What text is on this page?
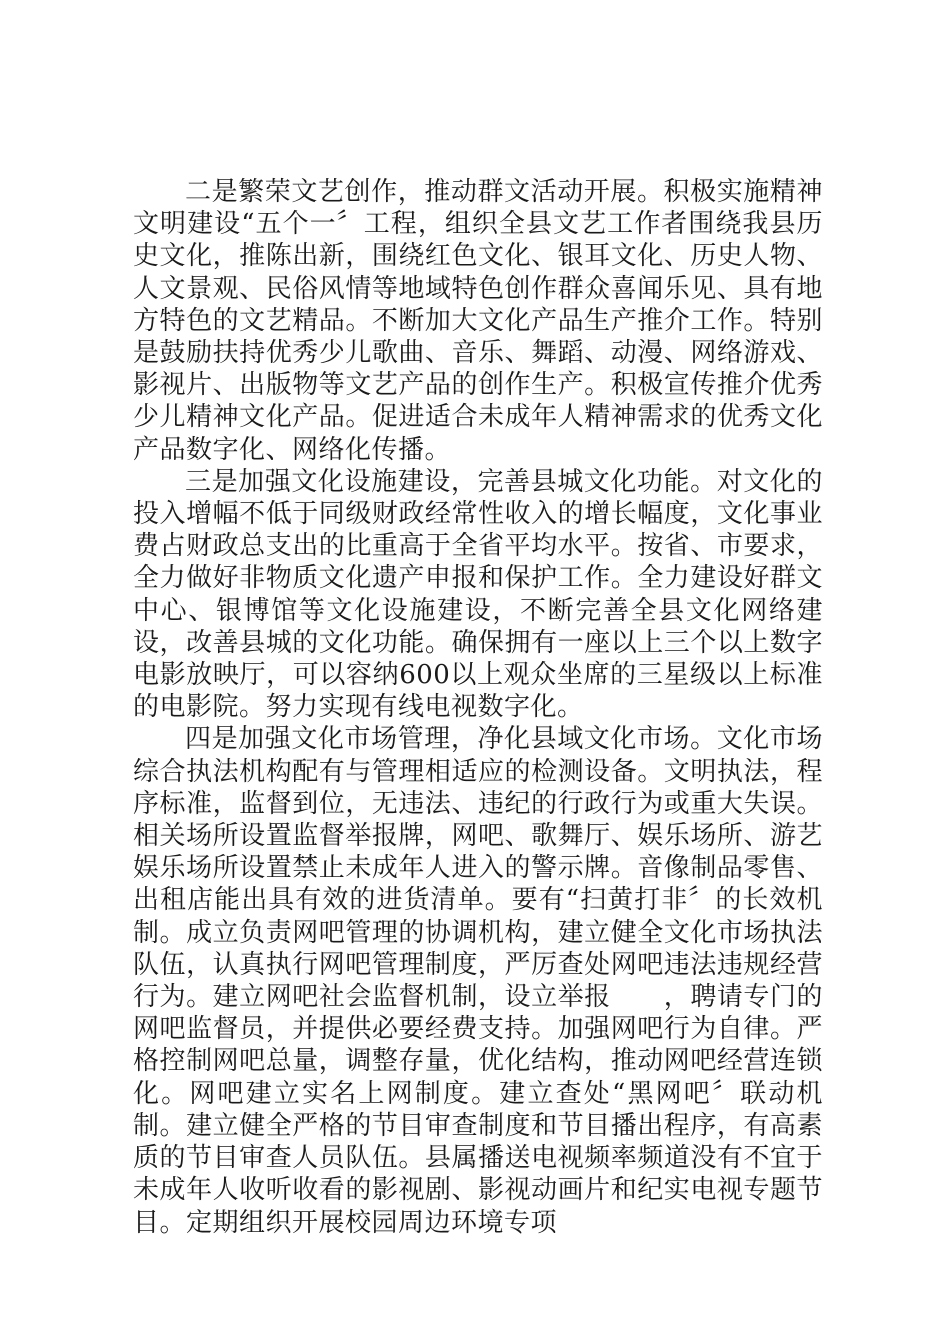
二是繁荣文艺创作，推动群文活动开展。积极实施精神文明建设“五个一〞工程，组织全县文艺工作者围绕我县历史文化，推陈出新，围绕红色文化、银耳文化、历史人物、人文景观、民俗风情等地域特色创作群众喜闻乐见、具有地方特色的文艺精品。不断加大文化产品生产推介工作。特别是鼓励扶持优秀少儿歌曲、音乐、舞蹈、动漫、网络游戏、影视片、出版物等文艺产品的创作生产。积极宣传推介优秀少儿精神文化产品。促进适合未成年人精神需求的优秀文化产品数字化、网络化传播。

三是加强文化设施建设，完善县城文化功能。对文化的投入增幅不低于同级财政经常性收入的增长幅度，文化事业费占财政总支出的比重高于全省平均水平。按省、市要求，全力做好非物质文化遗产申报和保护工作。全力建设好群文中心、银博馆等文化设施建设，不断完善全县文化网络建设，改善县城的文化功能。确保拥有一座以上三个以上数字电影放映厅，可以容纳600以上观众坐席的三星级以上标准的电影院。努力实现有线电视数字化。

四是加强文化市场管理，净化县域文化市场。文化市场综合执法机构配有与管理相适应的检测设备。文明执法，程序标准，监督到位，无违法、违纪的行政行为或重大失误。相关场所设置监督举报牌，网吧、歌舞厅、娱乐场所、游艺娱乐场所设置禁止未成年人进入的警示牌。音像制品零售、出租店能出具有效的进货清单。要有“扫黄打非〞的长效机制。成立负责网吧管理的协调机构，建立健全文化市场执法队伍，认真执行网吧管理制度，严厉查处网吧违法违规经营行为。建立网吧社会监督机制，设立举报　　，聘请专门的网吧监督员，并提供必要经费支持。加强网吧行为自律。严格控制网吧总量，调整存量，优化结构，推动网吧经营连锁化。网吧建立实名上网制度。建立查处“黑网吧〞联动机制。建立健全严格的节目审查制度和节目播出程序，有高素质的节目审查人员队伍。县属播送电视频率频道没有不宜于未成年人收听收看的影视剧、影视动画片和纪实电视专题节目。定期组织开展校园周边环境专项
